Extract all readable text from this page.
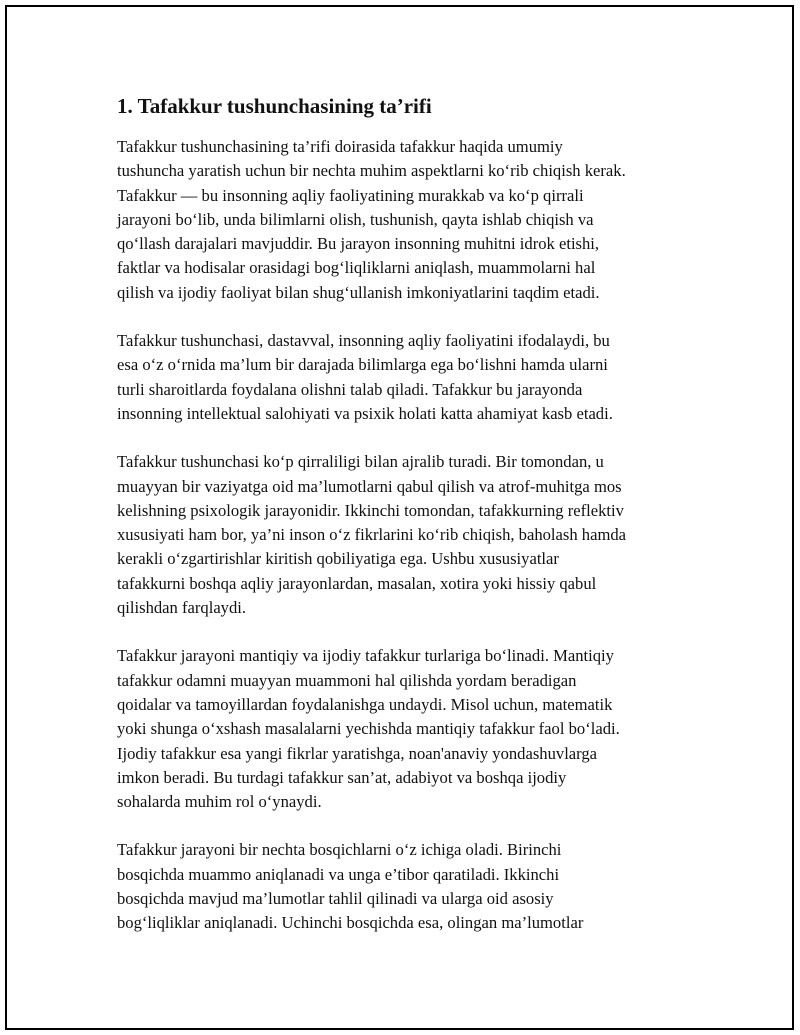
1. Tafakkur tushunchasining ta’rifi
Tafakkur tushunchasining ta’rifi doirasida tafakkur haqida umumiy
tushuncha yaratish uchun bir nechta muhim aspektlarni ko‘rib chiqish kerak.
Tafakkur — bu insonning aqliy faoliyatining murakkab va ko‘p qirrali
jarayoni bo‘lib, unda bilimlarni olish, tushunish, qayta ishlab chiqish va
qo‘llash darajalari mavjuddir. Bu jarayon insonning muhitni idrok etishi,
faktlar va hodisalar orasidagi bog‘liqliklarni aniqlash, muammolarni hal
qilish va ijodiy faoliyat bilan shug‘ullanish imkoniyatlarini taqdim etadi.
Tafakkur tushunchasi, dastavval, insonning aqliy faoliyatini ifodalaydi, bu
esa o‘z o‘rnida ma’lum bir darajada bilimlarga ega bo‘lishni hamda ularni
turli sharoitlarda foydalana olishni talab qiladi. Tafakkur bu jarayonda
insonning intellektual salohiyati va psixik holati katta ahamiyat kasb etadi.
Tafakkur tushunchasi ko‘p qirraliligi bilan ajralib turadi. Bir tomondan, u
muayyan bir vaziyatga oid ma’lumotlarni qabul qilish va atrof-muhitga mos
kelishning psixologik jarayonidir. Ikkinchi tomondan, tafakkurning reflektiv
xususiyati ham bor, ya’ni inson o‘z fikrlarini ko‘rib chiqish, baholash hamda
kerakli o‘zgartirishlar kiritish qobiliyatiga ega. Ushbu xususiyatlar
tafakkurni boshqa aqliy jarayonlardan, masalan, xotira yoki hissiy qabul
qilishdan farqlaydi.
Tafakkur jarayoni mantiqiy va ijodiy tafakkur turlariga bo‘linadi. Mantiqiy
tafakkur odamni muayyan muammoni hal qilishda yordam beradigan
qoidalar va tamoyillardan foydalanishga undaydi. Misol uchun, matematik
yoki shunga o‘xshash masalalarni yechishda mantiqiy tafakkur faol bo‘ladi.
Ijodiy tafakkur esa yangi fikrlar yaratishga, noan'anaviy yondashuvlarga
imkon beradi. Bu turdagi tafakkur san’at, adabiyot va boshqa ijodiy
sohalarda muhim rol o‘ynaydi.
Tafakkur jarayoni bir nechta bosqichlarni o‘z ichiga oladi. Birinchi
bosqichda muammo aniqlanadi va unga e’tibor qaratiladi. Ikkinchi
bosqichda mavjud ma’lumotlar tahlil qilinadi va ularga oid asosiy
bog‘liqliklar aniqlanadi. Uchinchi bosqichda esa, olingan ma’lumotlar
